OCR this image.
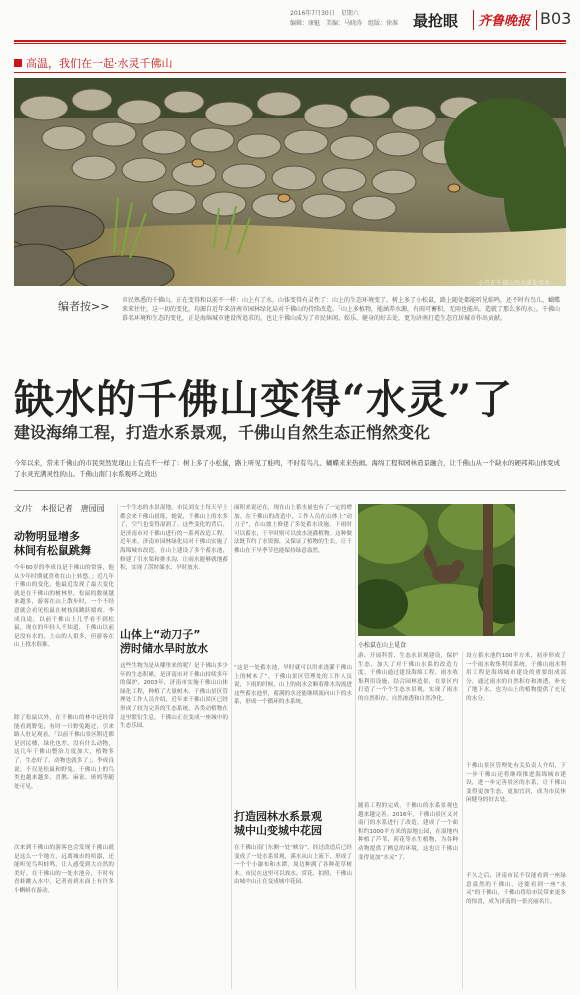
2016年7月30日　星期六
编辑：康魁　美编：马晓涛　组版：徐准 最抢眼 齐鲁晚报 B03
高温，我们在一起·水灵千佛山
小鸟在千佛山的水溪处饮水
编者按>> 市民熟悉的千佛山，正在变得和以前不一样：山上有了水，山体变得有灵性了：山上的生态环境变了，树上多了小松鼠，路上随处都能听见蛙鸣，还不时有鸟儿、蝴蝶来来往往，这一切的变化，均源自近年来济南市园林绿化局对千佛山的持续改造。「山上多植物，能涵养水源，有雨可蓄积，无雨也能出，造就了那么多的水」。千佛山慕名环境和生态的变化，正是海绵城市建设所追求的，也让千佛山成为了市民休闲、娱乐、健身的好去处，更为济南打造生态宜居城市作出贡献。
缺水的千佛山变得“水灵”了
建设海绵工程，打造水系景观，千佛山自然生态正悄然变化
今年以来，常来千佛山的市民突然发现山上有点不一样了：树上多了小松鼠，路上听见了蛙鸣，不时有鸟儿、蝴蝶来来热闹。海绵工程和园林造景融合，让千佛山从一个缺水的硬邦邦山体变成了水灵充满灵性的山。千佛山南门水系观环之效出
文/片　本报记者　唐园园
动物明显增多
林间有松鼠跳舞
今年60岁的李成良是千佛山的常客，他从少年时期就喜欢在山上转悠。」近几年千佛山的变化，他最近发现了最大变化就是在千佛山的树林里，松鼠的数量越来越多，游客在山上散步时，一个不经意就会看见松鼠在树枝间跳跃嬉戏。李成良说，以前千佛山上几乎看不到松鼠，现在的年轻人不知道，千佛山以前是没有水的，上山的人很多，但游客在山上找水很难。
除了松鼠以外，在千佛山的林中还经常能看到野兔，有时一只野兔跑过，引来路人驻足观看。「以前千佛山景区附近都是居民楼，绿化也差，没有什么动物，这几年千佛山整治力度加大，植物多了，生态好了，动物也就多了」，李成良说。不仅是松鼠和野兔，千佛山上的鸟类也越来越多，喜鹊、麻雀、斑鸠等随处可见。
次来到千佛山的游客也会发现千佛山就是这么一个地方，远离城市的喧嚣，还能听见鸟叫蛙鸣，让人感受到大自然的美好。在千佛山的一处水池旁，不时有青蛙跳入水中，记者看到水面上有许多小蝌蚪在游动。
一个生态的水景湿地。市民刘女士每天早上都会来千佛山晨练，她说，千佛山上的水多了，空气也变得湿润了。这些变化的背后，是济南市对千佛山进行的一系列改造工程。近年来，济南市园林绿化局对千佛山实施了海绵城市改造，在山上建设了多个蓄水池，修建了引水渠和排水沟，让雨水能够就地蓄积，实现了涝时储水、旱时放水。
山体上“动刀子”
涝时储水旱时放水
这些生物为是从哪里来的呢？是千佛山多少年的生态积累，是济南市对千佛山持续多年的保护，2003年，济南市实施千佛山山体绿化工程，种植了大量树木。千佛山景区管理处工作人员介绍，近年来千佛山景区已经形成了较为完善的生态系统，各类动植物在这里繁衍生息，千佛山正在变成一座城中的生态乐园。
面积来说还在，现在山上蓄水量也有了一定的增加。在千佛山的改造中，工作人员在山体上“动刀子”，在山坡上修建了多处蓄水设施，下雨时可以蓄水，干旱时则可以放水浇灌植物。这种做法既节约了水资源，又保证了植物的生长，让千佛山在干旱季节也能保持绿意盎然。
“这是一处蓄水池，旱时就可以用来浇灌千佛山上的树木了”。千佛山景区管理处的工作人员说，下雨的时候，山上的雨水会顺着排水沟流进这些蓄水池里，蓄满的水还能继续流向山下的水系，形成一个循环的水系统。
打造园林水系景观
城中山变城中花园
在千佛山南门东侧一处“峡谷”，经过改造后已经变成了一处水系景观，溪水从山上流下，形成了一个个小瀑布和水潭，周边种满了各种花草树木。市民在这里可以戏水、赏花、拍照，千佛山由城中山正在变成城中花园。
小松鼠在山上觅食
游、开展科普、生态水景观建设，保护生态，加大了对千佛山水系的改造力度。千佛山通过建设海绵工程、雨水收集利用设施，结合园林造景，在景区内打造了一个个生态水景观，实现了雨水的自然积存、自然渗透和自然净化。
随着工程的完成，千佛山的水系景观也越来越完善。2016年，千佛山景区又对南门的水系进行了改造，建成了一个面积约1000平方米的湿地公园，在湿地内种植了芦苇、荷花等水生植物，为各种动物提供了栖息的环境，这也让千佛山变得更加“水灵”了。
设立蓄水池约100平方米，初步形成了一个雨水收集利用系统。千佛山雨水利用工程是海绵城市建设的重要组成部分，通过雨水的自然积存和渗透，补充了地下水，也为山上的植物提供了充足的水分。
千佛山景区管理处有关负责人介绍，下一步千佛山还将继续推进海绵城市建设，进一步完善景区的水系，让千佛山变得更加生态、更加宜居，成为市民休闲健身的好去处。
不久之后，济南市民不仅能看到一座绿意盎然的千佛山，还能看到一座“水灵”的千佛山，千佛山将给市民带来更多的惊喜，成为济南的一张亮丽名片。
